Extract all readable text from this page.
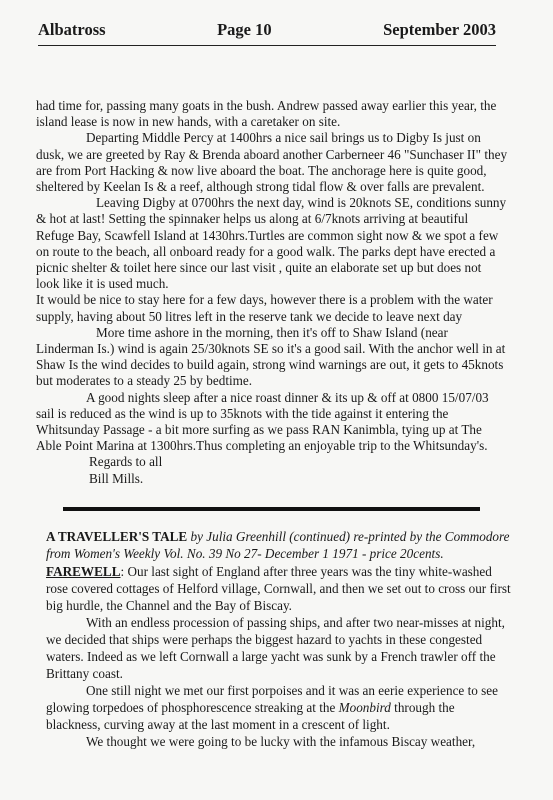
Albatross	Page 10	September 2003

had time for, passing many goats in the bush. Andrew passed away earlier this year, the island lease is now in new hands, with a caretaker on site.

Departing Middle Percy at 1400hrs a nice sail brings us to Digby Is just on dusk, we are greeted by Ray & Brenda aboard another Carberneer 46 "Sunchaser II" they are from Port Hacking & now live aboard the boat. The anchorage here is quite good, sheltered by Keelan Is & a reef, although strong tidal flow & over falls are prevalent.

Leaving Digby at 0700hrs the next day, wind is 20knots SE, conditions sunny & hot at last! Setting the spinnaker helps us along at 6/7knots arriving at beautiful Refuge Bay, Scawfell Island at 1430hrs.Turtles are common sight now & we spot a few on route to the beach, all onboard ready for a good walk. The parks dept have erected a picnic shelter & toilet here since our last visit , quite an elaborate set up but does not look like it is used much.

It would be nice to stay here for a few days, however there is a problem with the water supply, having about 50 litres left in the reserve tank we decide to leave next day

More time ashore in the morning, then it's off to Shaw Island (near Linderman Is.) wind is again 25/30knots SE so it's a good sail. With the anchor well in at Shaw Is the wind decides to build again, strong wind warnings are out, it gets to 45knots but moderates to a steady 25 by bedtime.

A good nights sleep after a nice roast dinner & its up & off at 0800 15/07/03 sail is reduced as the wind is up to 35knots with the tide against it entering the Whitsunday Passage - a bit more surfing as we pass RAN Kanimbla, tying up at The Able Point Marina at 1300hrs.Thus completing an enjoyable trip to the Whitsunday's.

Regards to all

Bill Mills.

A TRAVELLER'S TALE by Julia Greenhill (continued) re-printed by the Commodore from Women's Weekly Vol. No. 39 No 27- December 1 1971 - price 20cents.

FAREWELL: Our last sight of England after three years was the tiny white-washed rose covered cottages of Helford village, Cornwall, and then we set out to cross our first big hurdle, the Channel and the Bay of Biscay.

With an endless procession of passing ships, and after two near-misses at night, we decided that ships were perhaps the biggest hazard to yachts in these congested waters. Indeed as we left Cornwall a large yacht was sunk by a French trawler off the Brittany coast.

One still night we met our first porpoises and it was an eerie experience to see glowing torpedoes of phosphorescence streaking at the Moonbird through the blackness, curving away at the last moment in a crescent of light.

We thought we were going to be lucky with the infamous Biscay weather,
